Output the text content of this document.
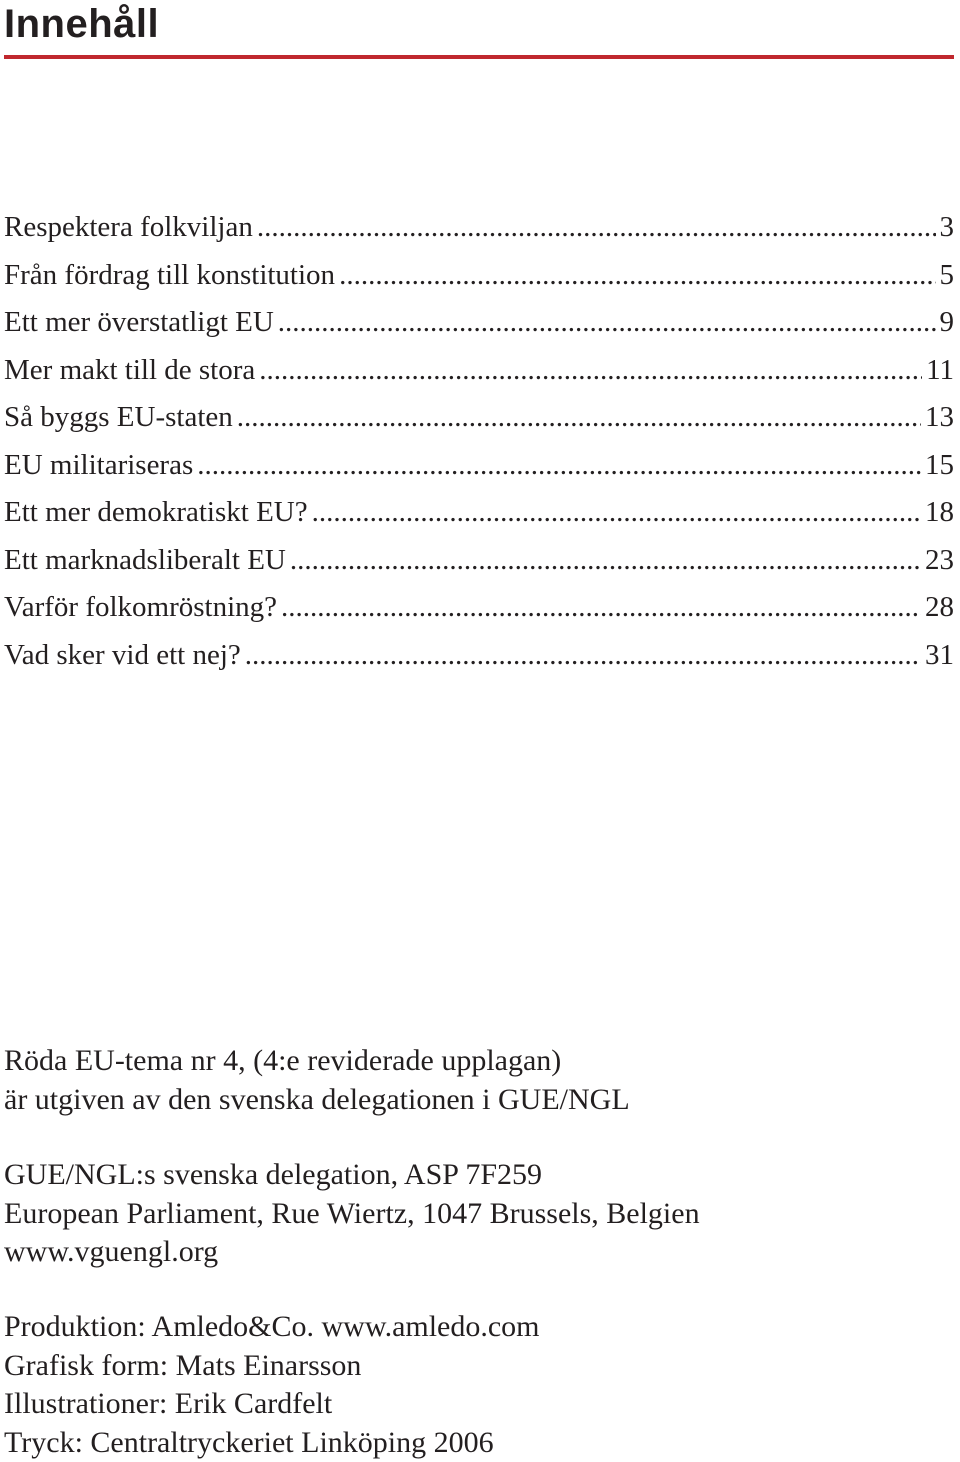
Innehåll
Respektera folkviljan .....	3
Från fördrag till konstitution .....	5
Ett mer överstatligt EU .....	9
Mer makt till de stora .....	11
Så byggs EU-staten .....	13
EU militariseras .....	15
Ett mer demokratiskt EU? .....	18
Ett marknadsliberalt EU .....	23
Varför folkomröstning? .....	28
Vad sker vid ett nej? .....	31

Röda EU-tema nr 4, (4:e reviderade upplagan)
är utgiven av den svenska delegationen i GUE/NGL

GUE/NGL:s svenska delegation, ASP 7F259
European Parliament, Rue Wiertz, 1047 Brussels, Belgien
www.vguengl.org

Produktion: Amledo&Co. www.amledo.com
Grafisk form: Mats Einarsson
Illustrationer: Erik Cardfelt
Tryck: Centraltryckeriet Linköping 2006
